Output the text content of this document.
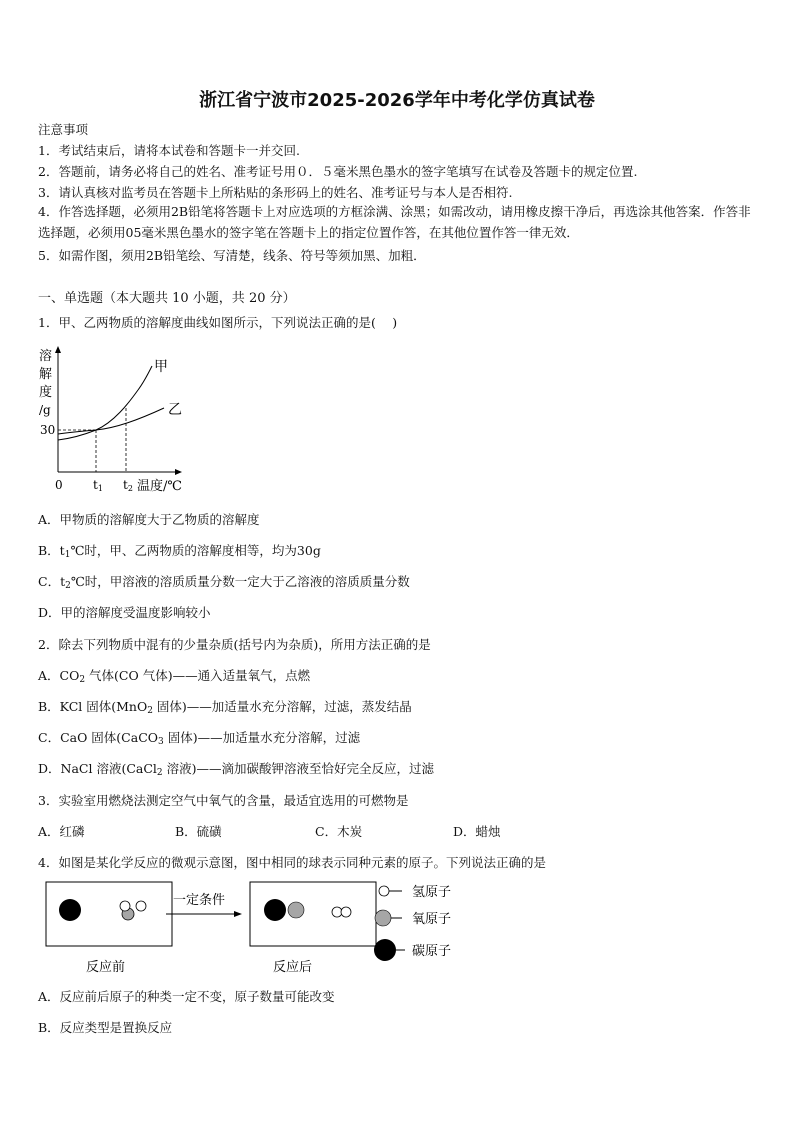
浙江省宁波市2025-2026学年中考化学仿真试卷
注意事项
1．考试结束后，请将本试卷和答题卡一并交回.
2．答题前，请务必将自己的姓名、准考证号用０．５毫米黑色墨水的签字笔填写在试卷及答题卡的规定位置.
3．请认真核对监考员在答题卡上所粘贴的条形码上的姓名、准考证号与本人是否相符.
4．作答选择题，必须用2B铅笔将答题卡上对应选项的方框涂满、涂黑；如需改动，请用橡皮擦干净后，再选涂其他答案．作答非选择题，必须用05毫米黑色墨水的签字笔在答题卡上的指定位置作答，在其他位置作答一律无效．
5．如需作图，须用2B铅笔绘、写清楚，线条、符号等须加黑、加粗．
一、单选题（本大题共 10 小题，共 20 分）
1．甲、乙两物质的溶解度曲线如图所示，下列说法正确的是(　 )
溶
解
度
/g
30
甲
乙
0	t1 t2 温度/℃
A．甲物质的溶解度大于乙物质的溶解度
B．$t_1℃$时，甲、乙两物质的溶解度相等，均为30g
C．$t_2℃$时，甲溶液的溶质质量分数一定大于乙溶液的溶质质量分数
D．甲的溶解度受温度影响较小
2．除去下列物质中混有的少量杂质(括号内为杂质)，所用方法正确的是
A．$CO_2$ 气体(CO 气体)——通入适量氧气，点燃
B．KCl 固体(MnO$_2$ 固体)——加适量水充分溶解，过滤，蒸发结晶
C．CaO 固体(CaCO$_3$ 固体)——加适量水充分溶解，过滤
D．NaCl 溶液(CaCl$_2$ 溶液)——滴加碳酸钾溶液至恰好完全反应，过滤
3．实验室用燃烧法测定空气中氧气的含量，最适宜选用的可燃物是
A．红磷	B．硫磺	C．木炭	D．蜡烛
4．如图是某化学反应的微观示意图，图中相同的球表示同种元素的原子。下列说法正确的是
一定条件
反应前	反应后
氢原子
氧原子
碳原子
A．反应前后原子的种类一定不变，原子数量可能改变
B．反应类型是置换反应
